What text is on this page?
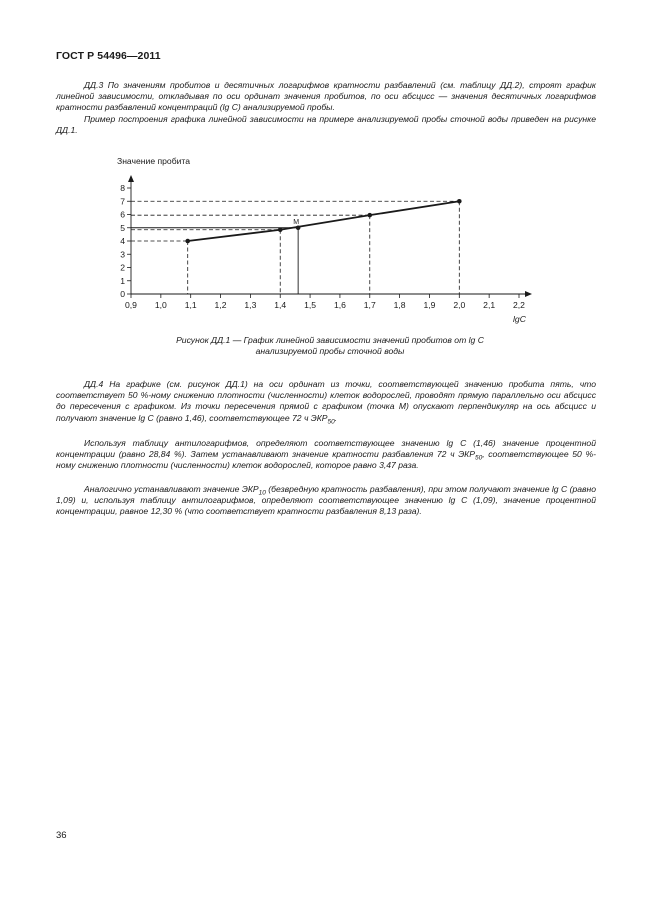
ГОСТ Р 54496—2011

ДД.3 По значениям пробитов и десятичных логарифмов кратности разбавлений (см. таблицу ДД.2), строят график линейной зависимости, откладывая по оси ординат значения пробитов, по оси абсцисс — значения десятичных логарифмов кратности разбавлений концентраций (lg C) анализируемой пробы.

Пример построения графика линейной зависимости на примере анализируемой пробы сточной воды приведен на рисунке ДД.1.

Значение пробита
0
1
2
3
4
5
6
7
8
0,9 1,0 1,1 1,2 1,3 1,4 1,5 1,6 1,7 1,8 1,9 2,0 2,1 2,2
lgC
М
Рисунок ДД.1 — График линейной зависимости значений пробитов от lg C
анализируемой пробы сточной воды

ДД.4 На графике (см. рисунок ДД.1) на оси ординат из точки, соответствующей значению пробита пять, что соответствует 50 %-ному снижению плотности (численности) клеток водорослей, проводят прямую параллельно оси абсцисс до пересечения с графиком. Из точки пересечения прямой с графиком (точка М) опускают перпендикуляр на ось абсцисс и получают значение lg C (равно 1,46), соответствующее 72 ч $ЭКР_{50}$.

Используя таблицу антилогарифмов, определяют соответствующее значению lg C (1,46) значение процентной концентрации (равно 28,84 %). Затем устанавливают значение кратности разбавления 72 ч $ЭКР_{50}$, соответствующее 50 %-ному снижению плотности (численности) клеток водорослей, которое равно 3,47 раза.

Аналогично устанавливают значение $ЭКР_{10}$ (безвредную кратность разбавления), при этом получают значение lg C (равно 1,09) и, используя таблицу антилогарифмов, определяют соответствующее значению lg C (1,09), значение процентной концентрации, равное 12,30 % (что соответствует кратности разбавления 8,13 раза).

36
